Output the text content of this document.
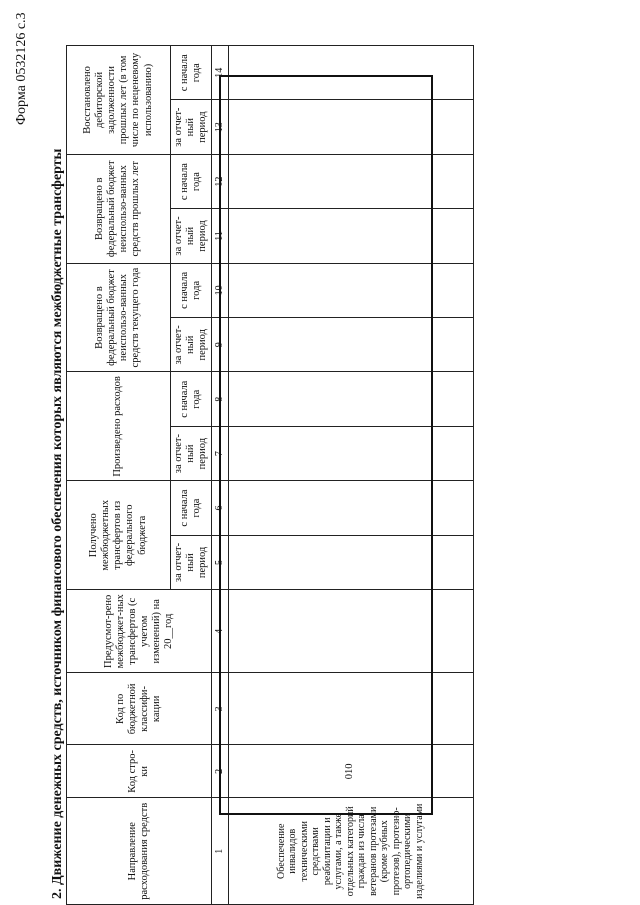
Форма 0532126 с.3
2. Движение денежных средств, источником финансового обеспечения которых являются межбюджетные трансферты	Направление расходования средств	Код стро-ки	Код по бюджетной классифи-кации	Предусмот-рено межбюджет-ных трансфертов (с учетом изменений) на 20__год	Получено межбюджетных трансфертов из федерального бюджета		Произведено расходов		Возвращено в федеральный бюджет неиспользо-ванных средств текущего года		Возвращено в федеральный бюджет неиспользо-ванных средств прошлых лет		Восстановлено дебиторской задолженности прошлых лет (в том числе по неценевому использованию)	
				за отчет-ный период	с начала года	за отчет-ный период	с начала года	за отчет-ный период	с начала года	за отчет-ный период	с начала года	за отчет-ный период	с начала года
1	2	3	4	5	6	7	8	9	10	11	12	13	14
Обеспечение инвалидов техническими средствами реабилитации и услугами, а также отдельных категорий граждан из числа ветеранов протезами (кроме зубных протезов), протезно-ортопедическими изделиями и услугами	010												
